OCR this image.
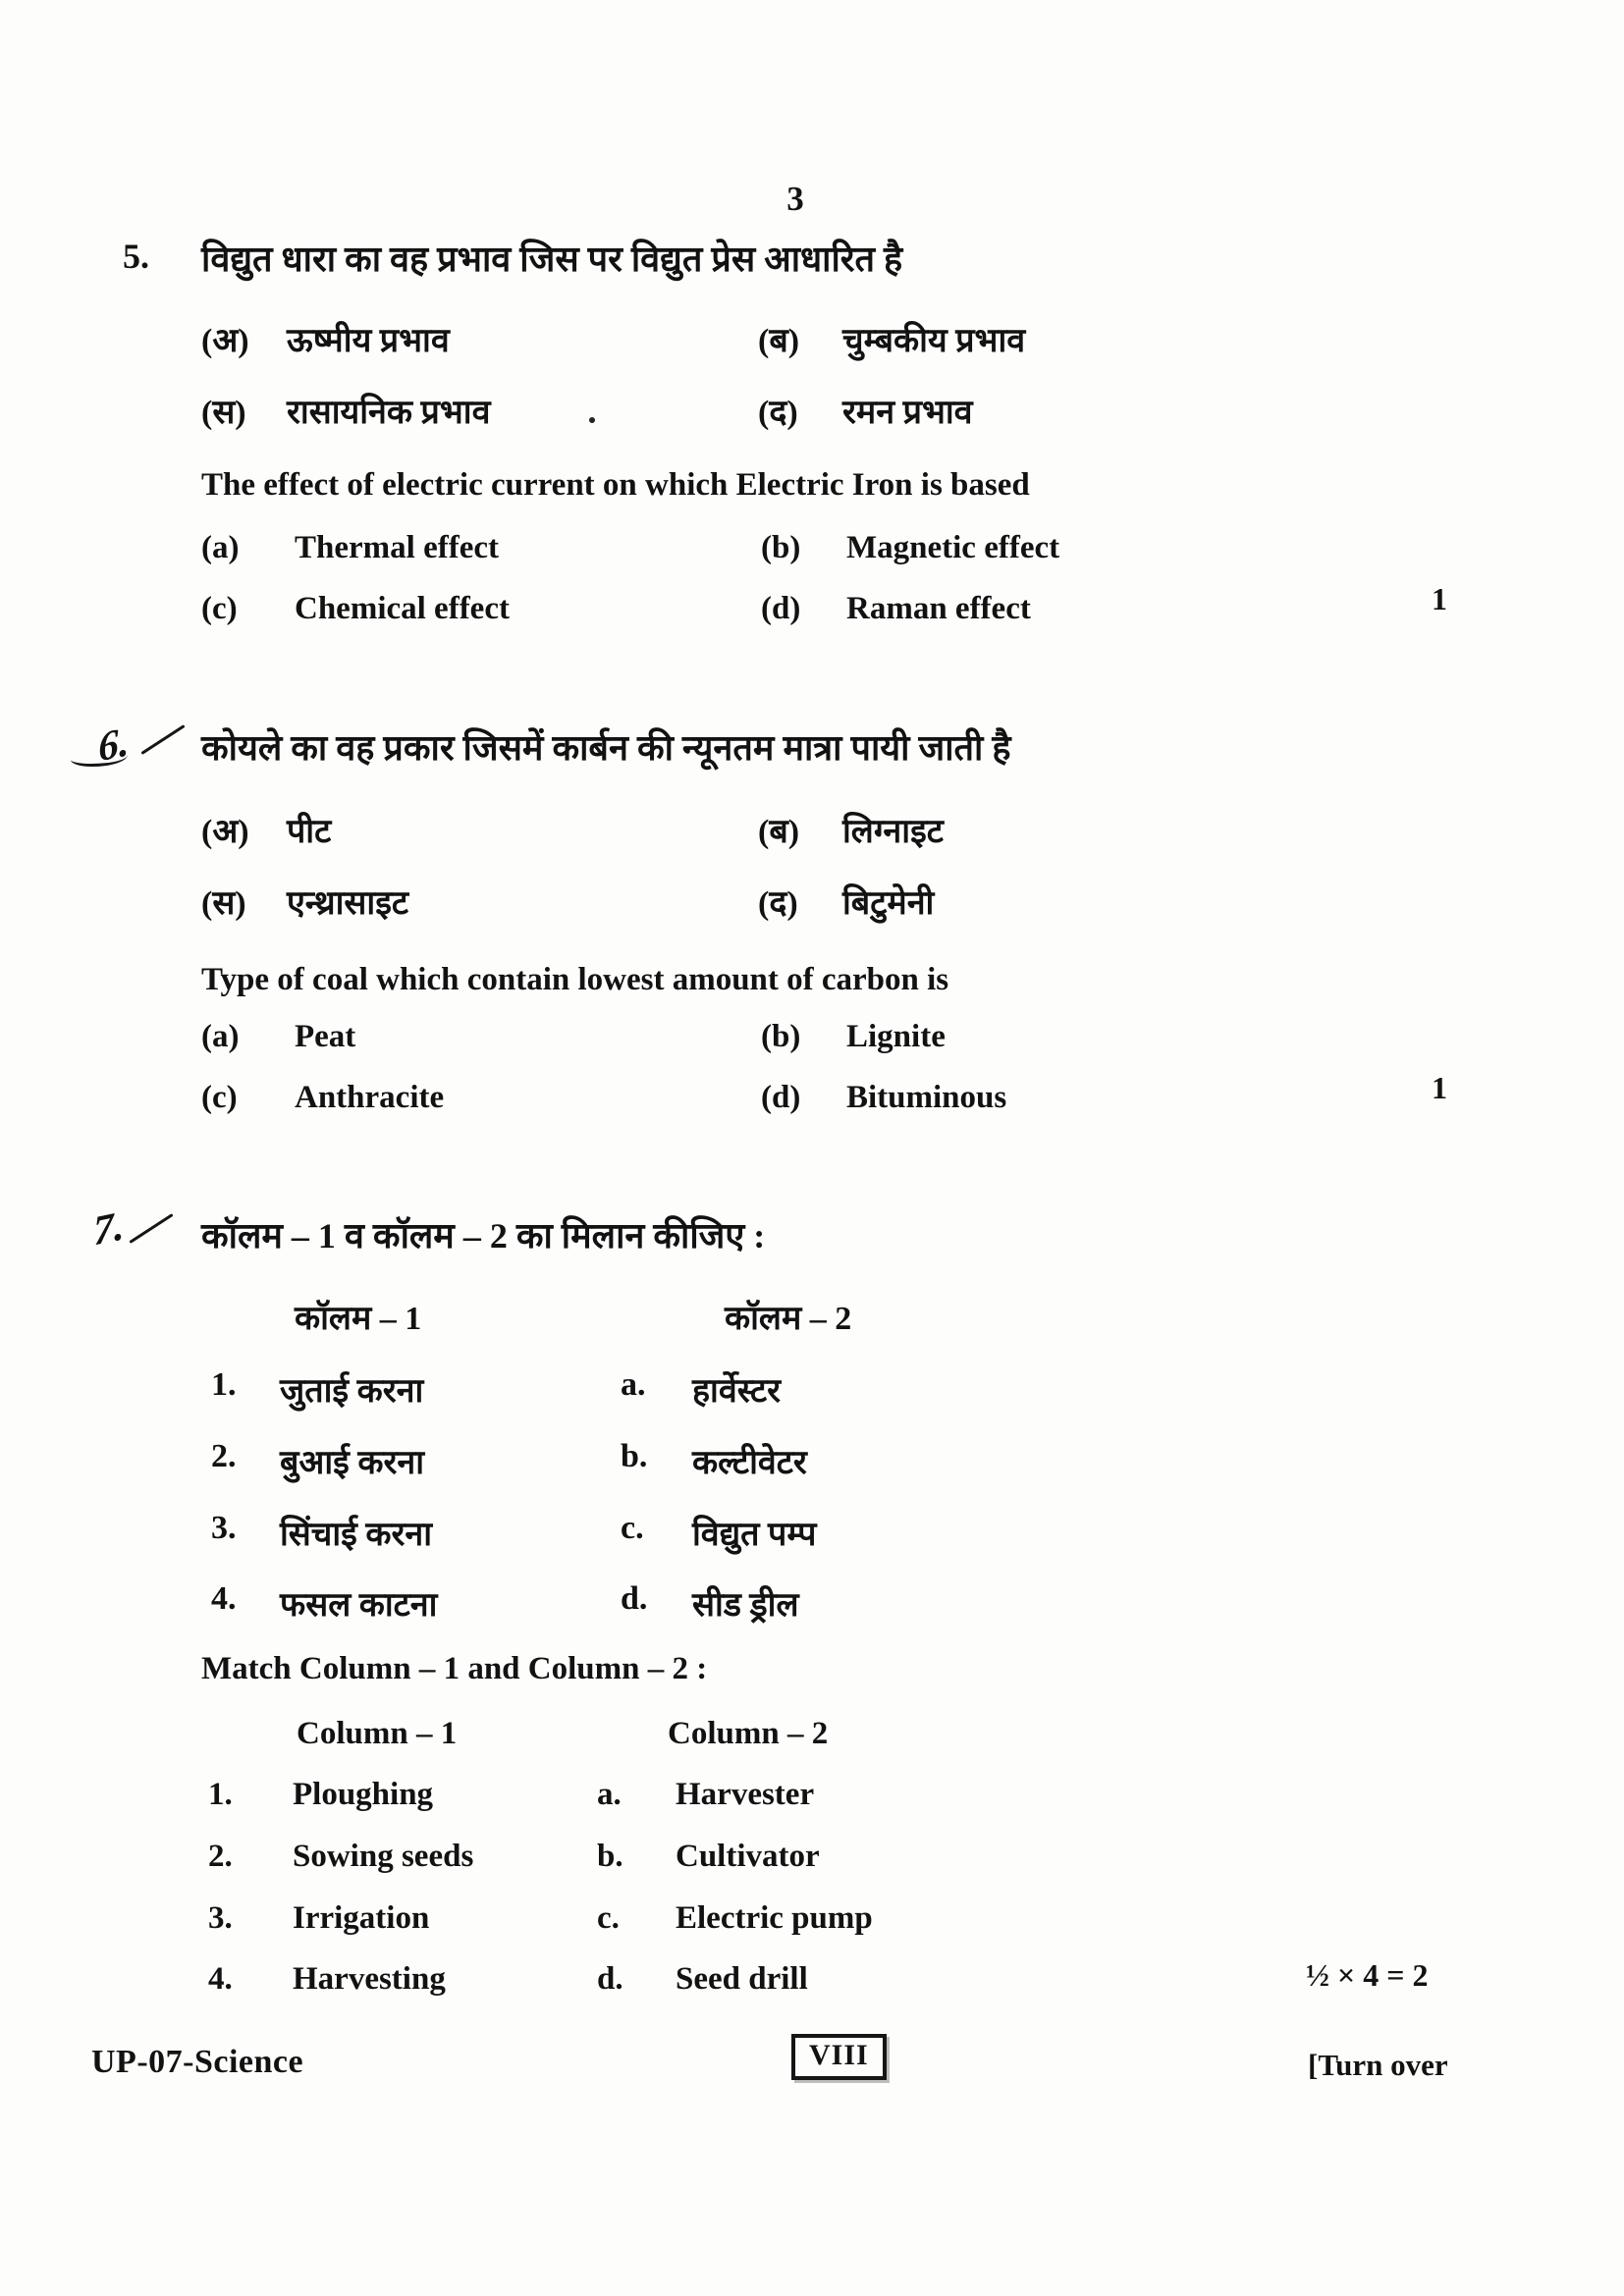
3
5. विद्युत धारा का वह प्रभाव जिस पर विद्युत प्रेस आधारित है
(अ) ऊष्मीय प्रभाव	(ब) चुम्बकीय प्रभाव
(स) रासायनिक प्रभाव	(द) रमन प्रभाव
The effect of electric current on which Electric Iron is based
(a) Thermal effect	(b) Magnetic effect
(c) Chemical effect	(d) Raman effect	1
6. कोयले का वह प्रकार जिसमें कार्बन की न्यूनतम मात्रा पायी जाती है
(अ) पीट	(ब) लिग्नाइट
(स) एन्थ्रासाइट	(द) बिटुमेनी
Type of coal which contain lowest amount of carbon is
(a) Peat	(b) Lignite
(c) Anthracite	(d) Bituminous	1
7. कॉलम – 1 व कॉलम – 2 का मिलान कीजिए :
कॉलम – 1	कॉलम – 2
1. जुताई करना	a. हार्वेस्टर
2. बुआई करना	b. कल्टीवेटर
3. सिंचाई करना	c. विद्युत पम्प
4. फसल काटना	d. सीड ड्रील
Match Column – 1 and Column – 2 :
Column – 1	Column – 2
1. Ploughing	a. Harvester
2. Sowing seeds	b. Cultivator
3. Irrigation	c. Electric pump
4. Harvesting	d. Seed drill	½ × 4 = 2
UP-07-Science	VIII	[Turn over
